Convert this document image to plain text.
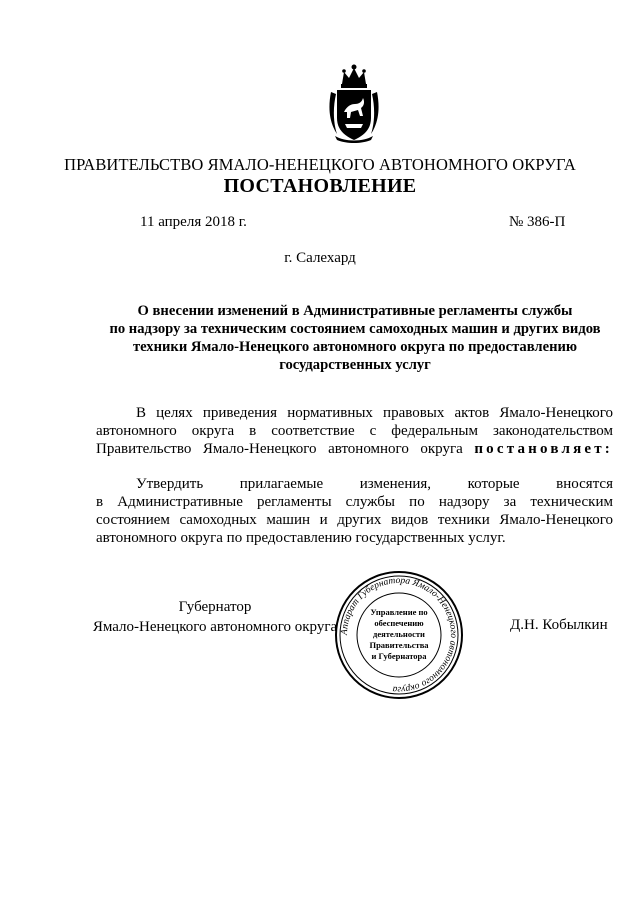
ПРАВИТЕЛЬСТВО ЯМАЛО-НЕНЕЦКОГО АВТОНОМНОГО ОКРУГА
ПОСТАНОВЛЕНИЕ
11 апреля 2018 г.	№ 386-П
г. Салехард
О внесении изменений в Административные регламенты службы
по надзору за техническим состоянием самоходных машин и других видов
техники Ямало-Ненецкого автономного округа по предоставлению
государственных услуг
В целях приведения нормативных правовых актов Ямало-Ненецкого
автономного округа в соответствие с федеральным законодательством
Правительство Ямало-Ненецкого автономного округа постановляет:
Утвердить прилагаемые изменения, которые вносятся
в Административные регламенты службы по надзору за техническим
состоянием самоходных машин и других видов техники Ямало-Ненецкого
автономного округа по предоставлению государственных услуг.
Губернатор
Ямало-Ненецкого автономного округа	Д.Н. Кобылкин
Аппарат Губернатора Ямало-Ненецкого автономного округа
Управление по
обеспечению
деятельности
Правительства
и Губернатора
